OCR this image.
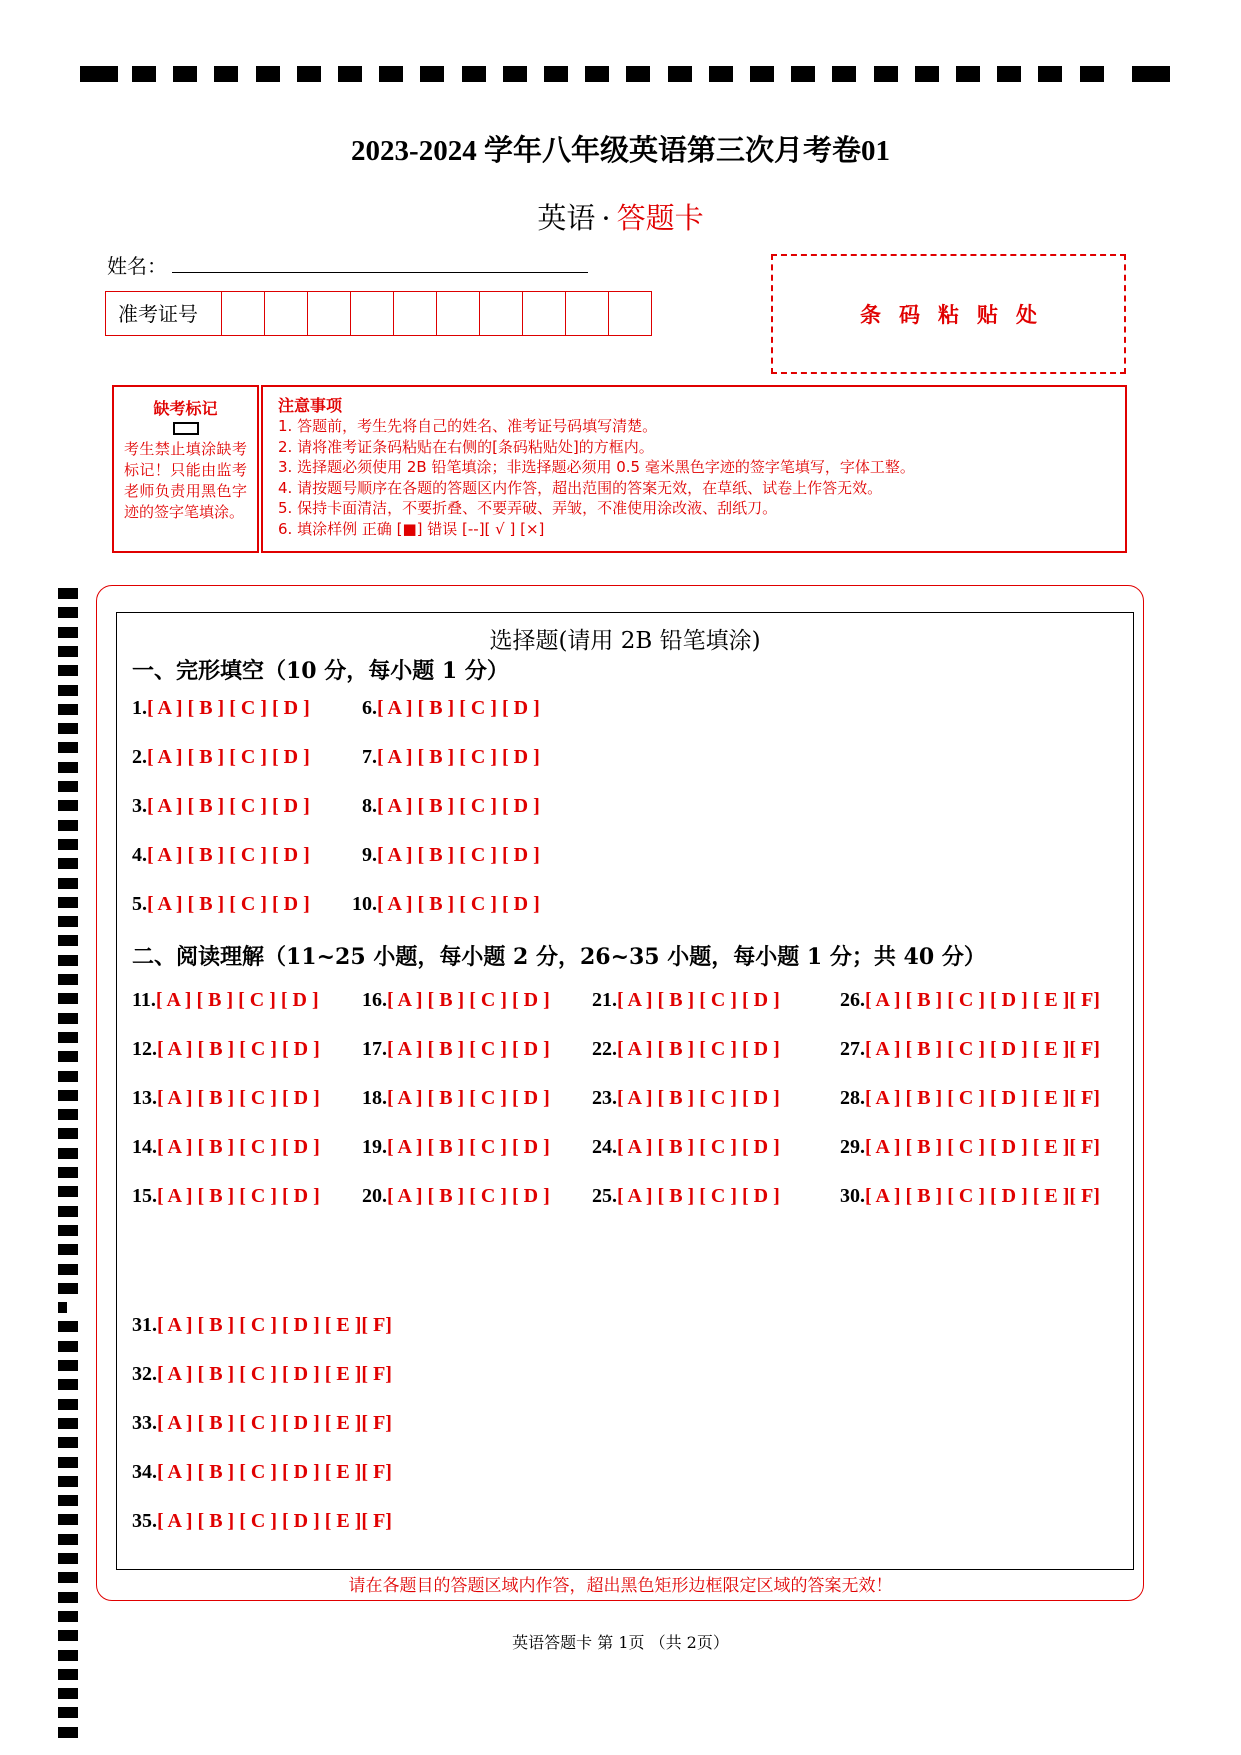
2023-2024 学年八年级英语第三次月考卷01
英语 · 答题卡
姓名：
准考证号	条码粘贴处
缺考标记
考生禁止填涂缺考标记！只能由监考老师负责用黑色字迹的签字笔填涂。
注意事项
1. 答题前，考生先将自己的姓名、准考证号码填写清楚。
2. 请将准考证条码粘贴在右侧的[条码粘贴处]的方框内。
3. 选择题必须使用 2B 铅笔填涂；非选择题必须用 0.5 毫米黑色字迹的签字笔填写，字体工整。
4. 请按题号顺序在各题的答题区内作答，超出范围的答案无效，在草纸、试卷上作答无效。
5. 保持卡面清洁，不要折叠、不要弄破、弄皱，不准使用涂改液、刮纸刀。
6. 填涂样例 正确 [■] 错误 [--][ √ ] [×]
选择题(请用 2B 铅笔填涂)
一、完形填空（10 分，每小题 1 分）
二、阅读理解（11~25 小题，每小题 2 分，26~35 小题，每小题 1 分；共 40 分）
1.[ A ] [ B ] [ C ] [ D ]
2.[ A ] [ B ] [ C ] [ D ]
3.[ A ] [ B ] [ C ] [ D ]
4.[ A ] [ B ] [ C ] [ D ]
5.[ A ] [ B ] [ C ] [ D ]
6.[ A ] [ B ] [ C ] [ D ]
7.[ A ] [ B ] [ C ] [ D ]
8.[ A ] [ B ] [ C ] [ D ]
9.[ A ] [ B ] [ C ] [ D ]
10.[ A ] [ B ] [ C ] [ D ]
11.[ A ] [ B ] [ C ] [ D ]
12.[ A ] [ B ] [ C ] [ D ]
13.[ A ] [ B ] [ C ] [ D ]
14.[ A ] [ B ] [ C ] [ D ]
15.[ A ] [ B ] [ C ] [ D ]
16.[ A ] [ B ] [ C ] [ D ]
17.[ A ] [ B ] [ C ] [ D ]
18.[ A ] [ B ] [ C ] [ D ]
19.[ A ] [ B ] [ C ] [ D ]
20.[ A ] [ B ] [ C ] [ D ]
21.[ A ] [ B ] [ C ] [ D ]
22.[ A ] [ B ] [ C ] [ D ]
23.[ A ] [ B ] [ C ] [ D ]
24.[ A ] [ B ] [ C ] [ D ]
25.[ A ] [ B ] [ C ] [ D ]
26.[ A ] [ B ] [ C ] [ D ] [ E ][ F]
27.[ A ] [ B ] [ C ] [ D ] [ E ][ F]
28.[ A ] [ B ] [ C ] [ D ] [ E ][ F]
29.[ A ] [ B ] [ C ] [ D ] [ E ][ F]
30.[ A ] [ B ] [ C ] [ D ] [ E ][ F]
31.[ A ] [ B ] [ C ] [ D ] [ E ][ F]
32.[ A ] [ B ] [ C ] [ D ] [ E ][ F]
33.[ A ] [ B ] [ C ] [ D ] [ E ][ F]
34.[ A ] [ B ] [ C ] [ D ] [ E ][ F]
35.[ A ] [ B ] [ C ] [ D ] [ E ][ F]
请在各题目的答题区域内作答，超出黑色矩形边框限定区域的答案无效！
英语答题卡 第 1页 （共 2页）
